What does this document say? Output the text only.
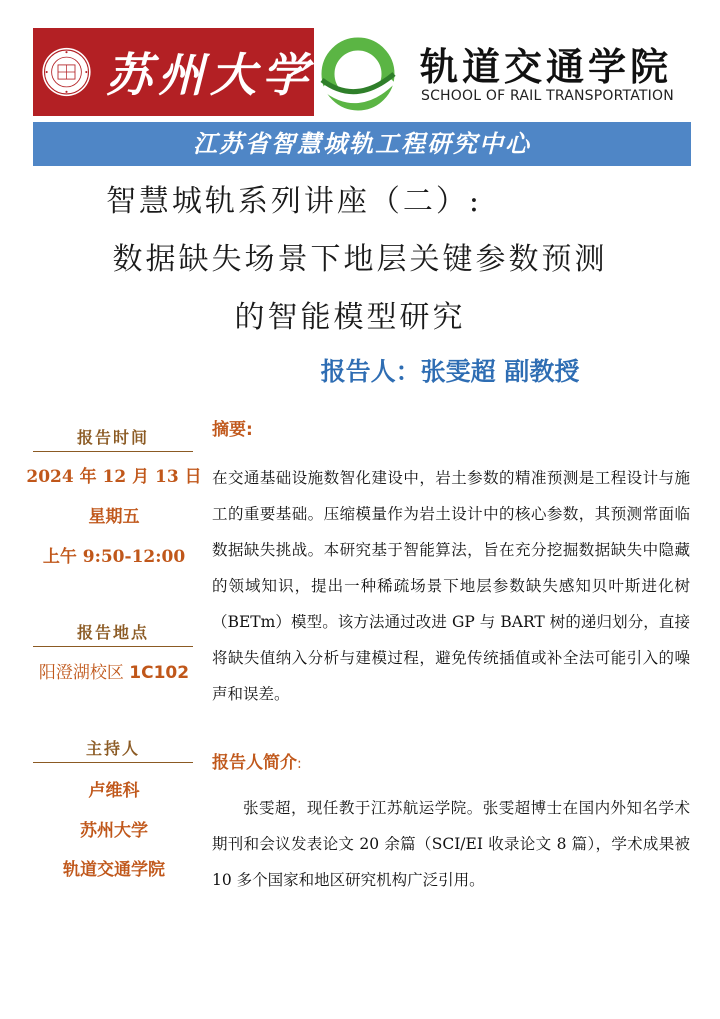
苏州大学	轨道交通学院
SCHOOL OF RAIL TRANSPORTATION
江苏省智慧城轨工程研究中心
智慧城轨系列讲座（二）:
数据缺失场景下地层关键参数预测
的智能模型研究
报告人：张雯超 副教授
报告时间
2024 年 12 月 13 日
星期五
上午 9:50-12:00
报告地点
阳澄湖校区 1C102
主持人
卢维科
苏州大学
轨道交通学院
摘要:

在交通基础设施数智化建设中，岩土参数的精准预测是工程设计与施工的重要基础。压缩模量作为岩土设计中的核心参数，其预测常面临数据缺失挑战。本研究基于智能算法，旨在充分挖掘数据缺失中隐藏的领域知识，提出一种稀疏场景下地层参数缺失感知贝叶斯进化树（BETm）模型。该方法通过改进 GP 与 BART 树的递归划分，直接将缺失值纳入分析与建模过程，避免传统插值或补全法可能引入的噪声和误差。

报告人简介:

张雯超，现任教于江苏航运学院。张雯超博士在国内外知名学术期刊和会议发表论文 20 余篇（SCI/EI 收录论文 8 篇），学术成果被 10 多个国家和地区研究机构广泛引用。
